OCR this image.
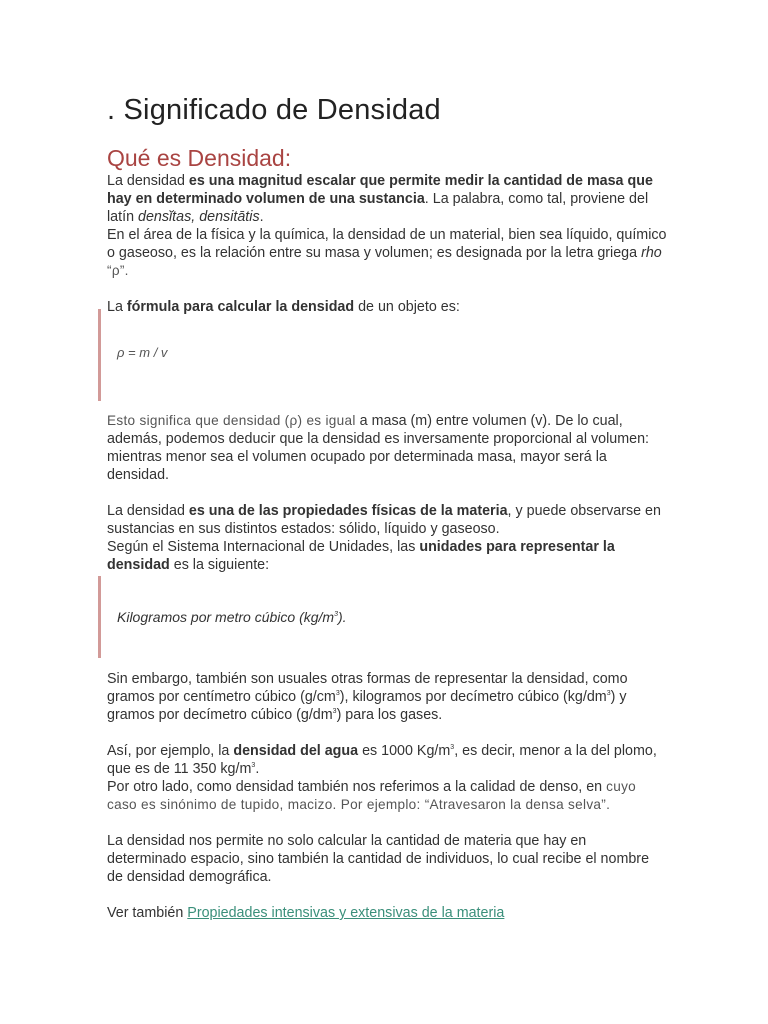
. Significado de Densidad
Qué es Densidad:

La densidad es una magnitud escalar que permite medir la cantidad de masa que hay en determinado volumen de una sustancia. La palabra, como tal, proviene del latín densĭtas, densitātis.

En el área de la física y la química, la densidad de un material, bien sea líquido, químico o gaseoso, es la relación entre su masa y volumen; es designada por la letra griega rho “ρ”.

La fórmula para calcular la densidad de un objeto es:

ρ = m / v

Esto significa que densidad (ρ) es igual a masa (m) entre volumen (v). De lo cual, además, podemos deducir que la densidad es inversamente proporcional al volumen: mientras menor sea el volumen ocupado por determinada masa, mayor será la densidad.

La densidad es una de las propiedades físicas de la materia, y puede observarse en sustancias en sus distintos estados: sólido, líquido y gaseoso.

Según el Sistema Internacional de Unidades, las unidades para representar la densidad es la siguiente:

Kilogramos por metro cúbico $(kg/m^3)$.

Sin embargo, también son usuales otras formas de representar la densidad, como gramos por centímetro cúbico $(g/cm^3)$, kilogramos por decímetro cúbico $(kg/dm^3)$ y gramos por decímetro cúbico $(g/dm^3)$ para los gases.

Así, por ejemplo, la densidad del agua es 1000 $Kg/m^3$, es decir, menor a la del plomo, que es de 11 350 $kg/m^3$.

Por otro lado, como densidad también nos referimos a la calidad de denso, en cuyo caso es sinónimo de tupido, macizo. Por ejemplo: “Atravesaron la densa selva”.

La densidad nos permite no solo calcular la cantidad de materia que hay en determinado espacio, sino también la cantidad de individuos, lo cual recibe el nombre de densidad demográfica.

Ver también Propiedades intensivas y extensivas de la materia
